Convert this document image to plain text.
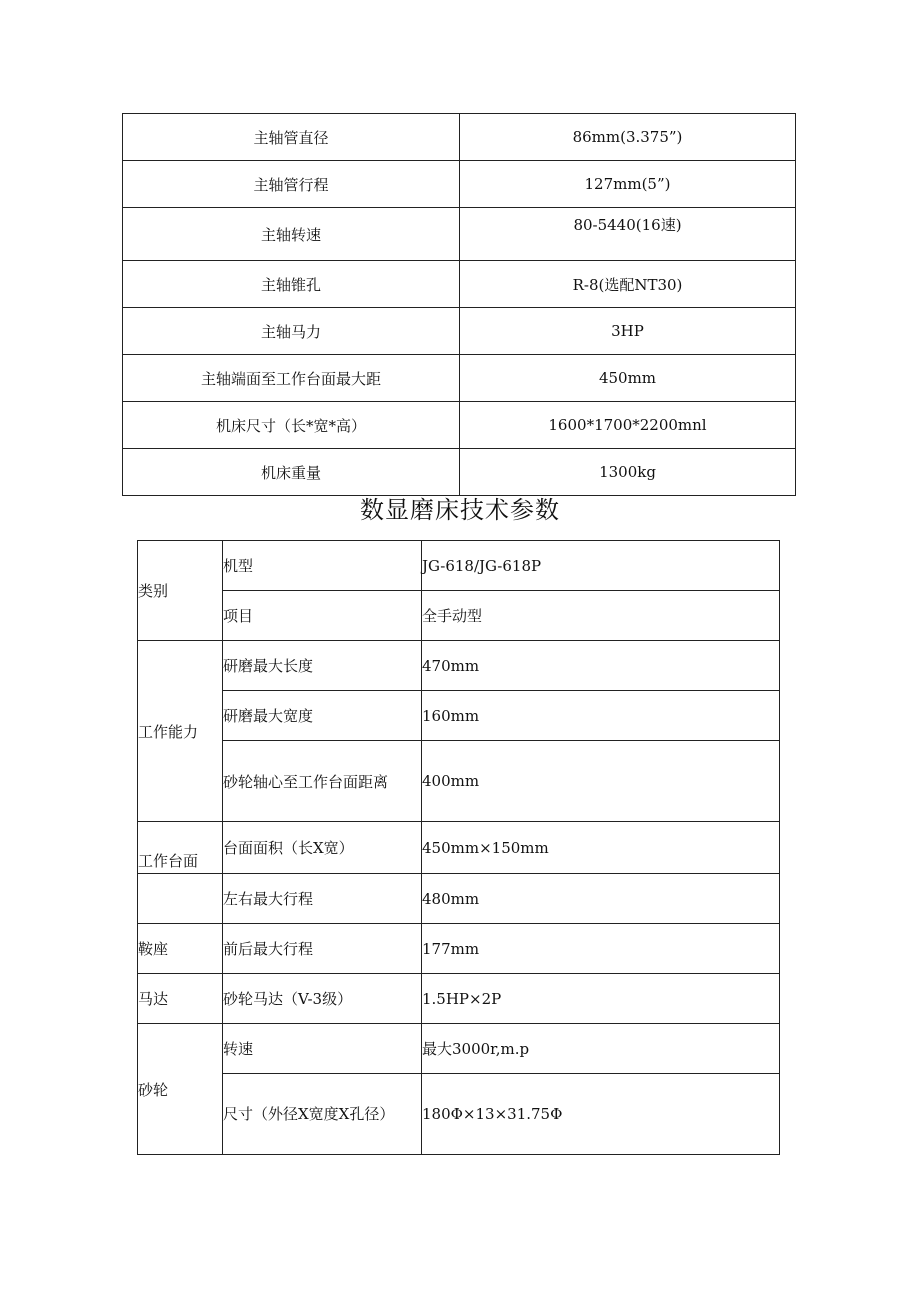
主轴管直径	86mm(3.375”)
主轴管行程	127mm(5”)
主轴转速	80-5440(16速)
主轴锥孔	R-8(选配NT30)
主轴马力	3HP
主轴端面至工作台面最大距	450mm
机床尺寸（长*宽*高）	1600*1700*2200mnl
机床重量	1300kg
数显磨床技术参数
类别	机型	JG-618/JG-618P
	项目	全手动型
工作能力	研磨最大长度	470mm
	研磨最大宽度	160mm
	砂轮轴心至工作台面距离	400mm
工作台面	台面面积（长X宽）	450mm×150mm
	左右最大行程	480mm
鞍座	前后最大行程	177mm
马达	砂轮马达（V-3级）	1.5HP×2P
砂轮	转速	最大3000r,m.p
	尺寸（外径X宽度X孔径）	180Φ×13×31.75Φ
